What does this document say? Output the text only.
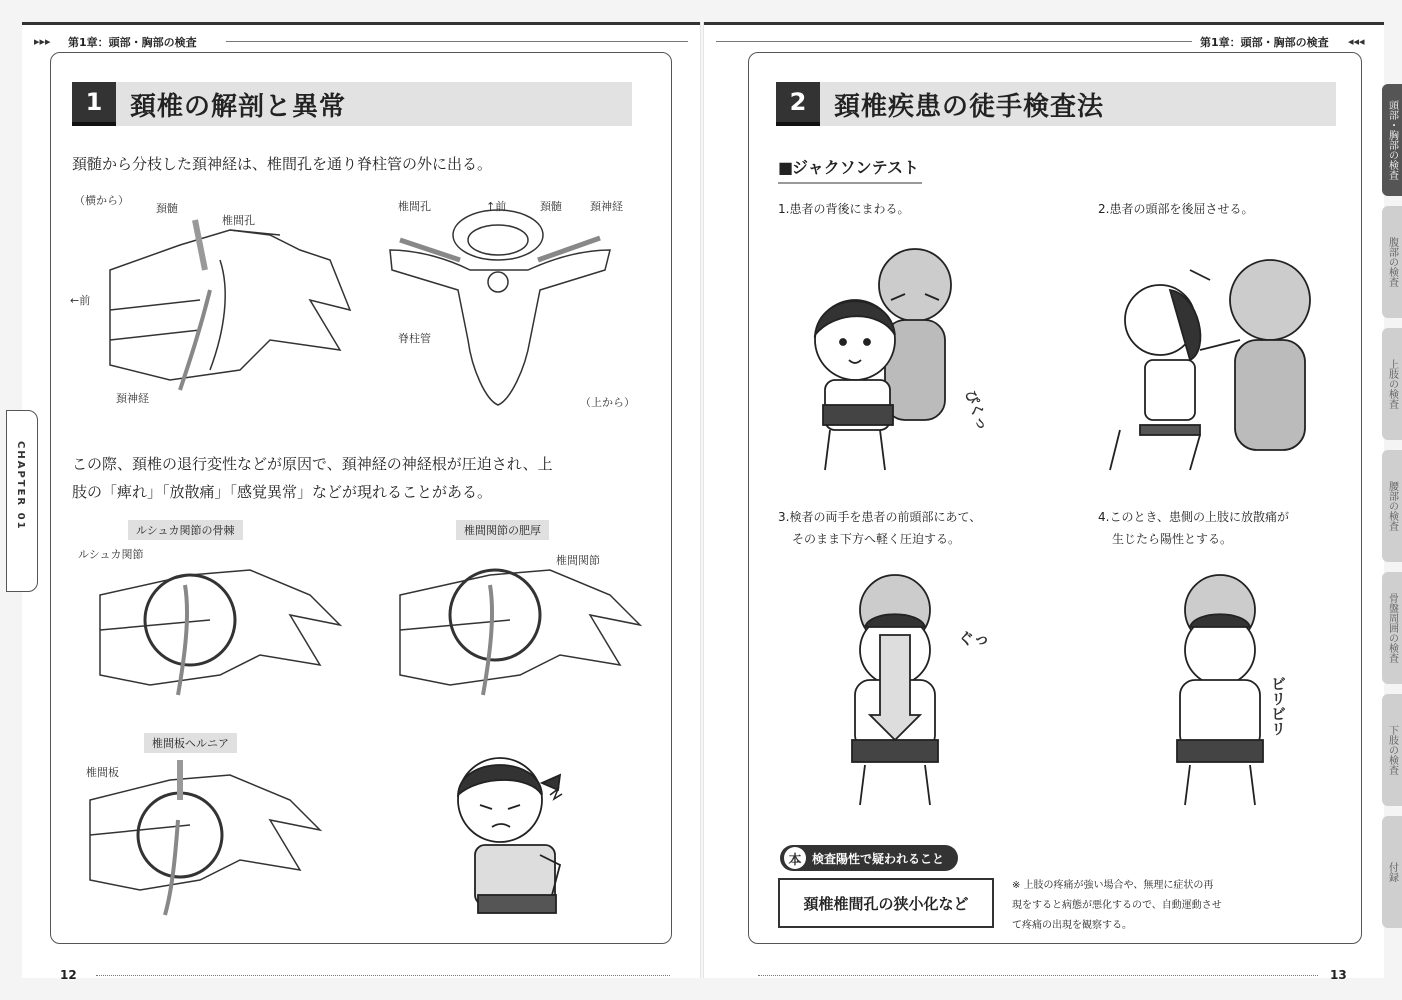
▸▸▸ 第1章：頭部・胸部の検査	第1章：頭部・胸部の検査 ◂◂◂
CHAPTER 01
1	頚椎の解剖と異常
頚髄から分枝した頚神経は、椎間孔を通り脊柱管の外に出る。
（横から）
頚髄
椎間孔
←前
頚神経
椎間孔	↑前	頚髄	頚神経
脊柱管
（上から）
この際、頚椎の退行変性などが原因で、頚神経の神経根が圧迫され、上
肢の「痺れ」「放散痛」「感覚異常」などが現れることがある。
ルシュカ関節の骨棘
ルシュカ関節
椎間関節の肥厚
椎間関節
椎間板ヘルニア
椎間板
12
2	頚椎疾患の徒手検査法
■
ジャクソンテスト
1.患者の背後にまわる。	2.患者の頭部を後屈させる。
ぴくっ
3.検者の両手を患者の前頭部にあて、
そのまま下方へ軽く圧迫する。
4.このとき、患側の上肢に放散痛が
生じたら陽性とする。
ぐっ
ビリビリ
本 検査陽性で疑われること
頚椎椎間孔の狭小化など
※ 上肢の疼痛が強い場合や、無理に症状の再
現をすると病態が悪化するので、自動運動させ
て疼痛の出現を観察する。
13
頭部・胸部の検査
腹部の検査
上肢の検査
腰部の検査
骨盤周囲の検査
下肢の検査
付録
